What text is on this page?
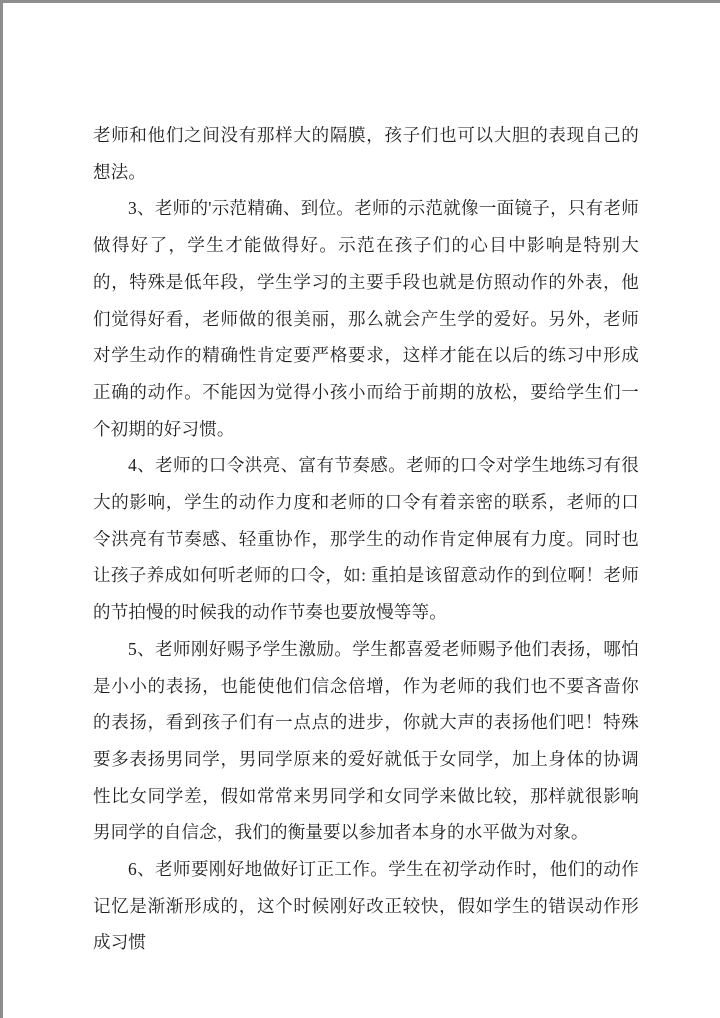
老师和他们之间没有那样大的隔膜，孩子们也可以大胆的表现自己的想法。

3、老师的'示范精确、到位。老师的示范就像一面镜子，只有老师做得好了，学生才能做得好。示范在孩子们的心目中影响是特别大的，特殊是低年段，学生学习的主要手段也就是仿照动作的外表，他们觉得好看，老师做的很美丽，那么就会产生学的爱好。另外，老师对学生动作的精确性肯定要严格要求，这样才能在以后的练习中形成正确的动作。不能因为觉得小孩小而给于前期的放松，要给学生们一个初期的好习惯。

4、老师的口令洪亮、富有节奏感。老师的口令对学生地练习有很大的影响，学生的动作力度和老师的口令有着亲密的联系，老师的口令洪亮有节奏感、轻重协作，那学生的动作肯定伸展有力度。同时也让孩子养成如何听老师的口令，如: 重拍是该留意动作的到位啊！老师的节拍慢的时候我的动作节奏也要放慢等等。

5、老师刚好赐予学生激励。学生都喜爱老师赐予他们表扬，哪怕是小小的表扬，也能使他们信念倍增，作为老师的我们也不要吝啬你的表扬，看到孩子们有一点点的进步，你就大声的表扬他们吧！特殊要多表扬男同学，男同学原来的爱好就低于女同学，加上身体的协调性比女同学差，假如常常来男同学和女同学来做比较，那样就很影响男同学的自信念，我们的衡量要以参加者本身的水平做为对象。

6、老师要刚好地做好订正工作。学生在初学动作时，他们的动作记忆是渐渐形成的，这个时候刚好改正较快，假如学生的错误动作形成习惯
